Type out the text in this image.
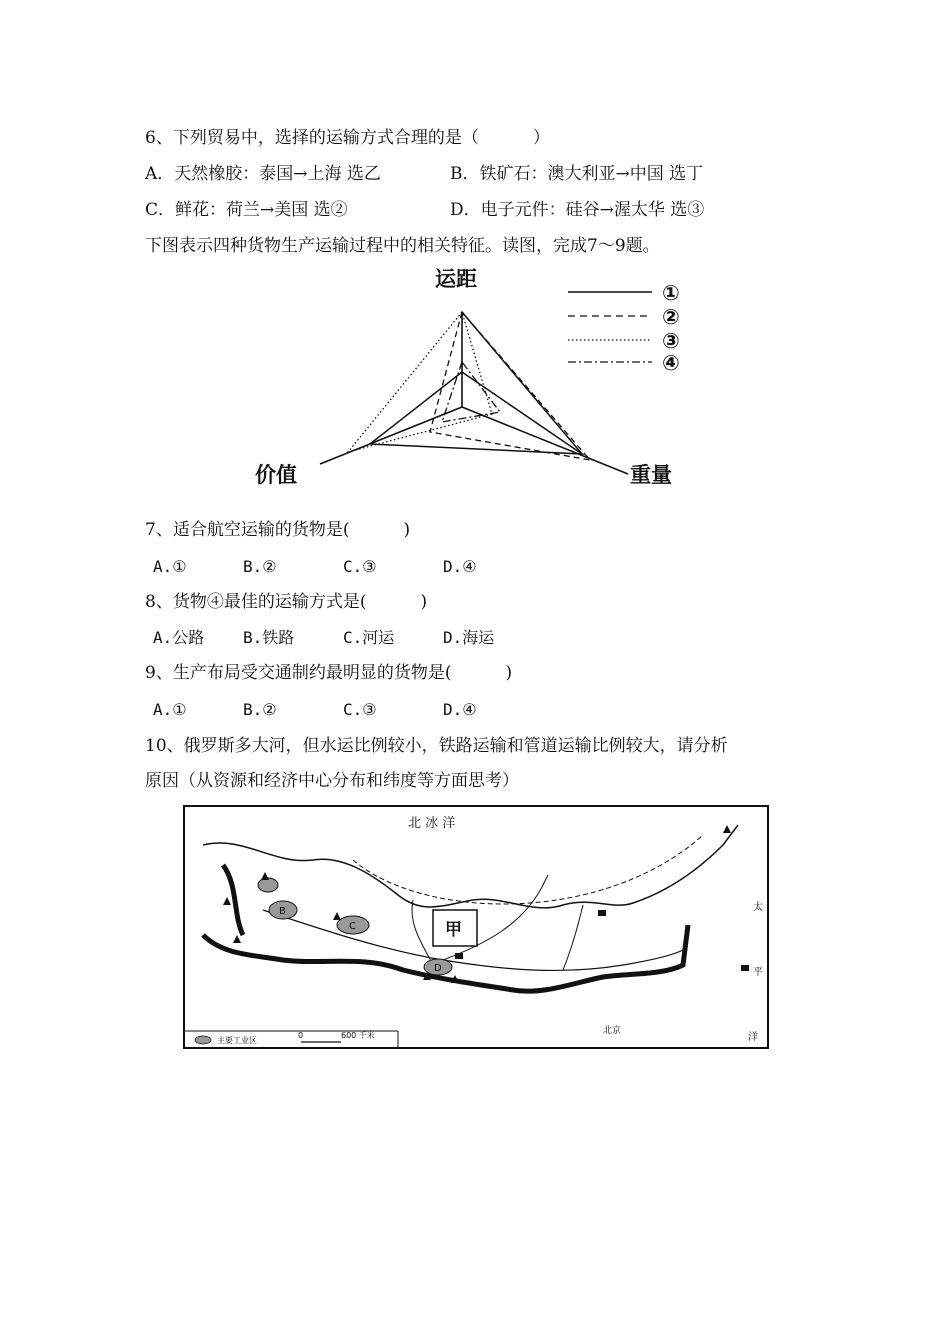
6、下列贸易中，选择的运输方式合理的是（          ）
A．天然橡胶：泰国→上海 选乙	B．铁矿石：澳大利亚→中国 选丁
C．鲜花：荷兰→美国 选②	D．电子元件：硅谷→渥太华 选③
下图表示四种货物生产运输过程中的相关特征。读图，完成7～9题。
运距
价值	重量
①
②
③
④
7、适合航空运输的货物是(          )
A.①	B.②	C.③	D.④
8、货物④最佳的运输方式是(          )
A.公路 B.铁路	C.河运	D.海运
9、生产布局受交通制约最明显的货物是(          )
A.①	B.②	C.③	D.④
10、俄罗斯多大河，但水运比例较小，铁路运输和管道运输比例较大，请分析
原因（从资源和经济中心分布和纬度等方面思考）
B
C
D
甲
北 冰 洋
北京
太
平
洋
主要工业区
0	600 千米
